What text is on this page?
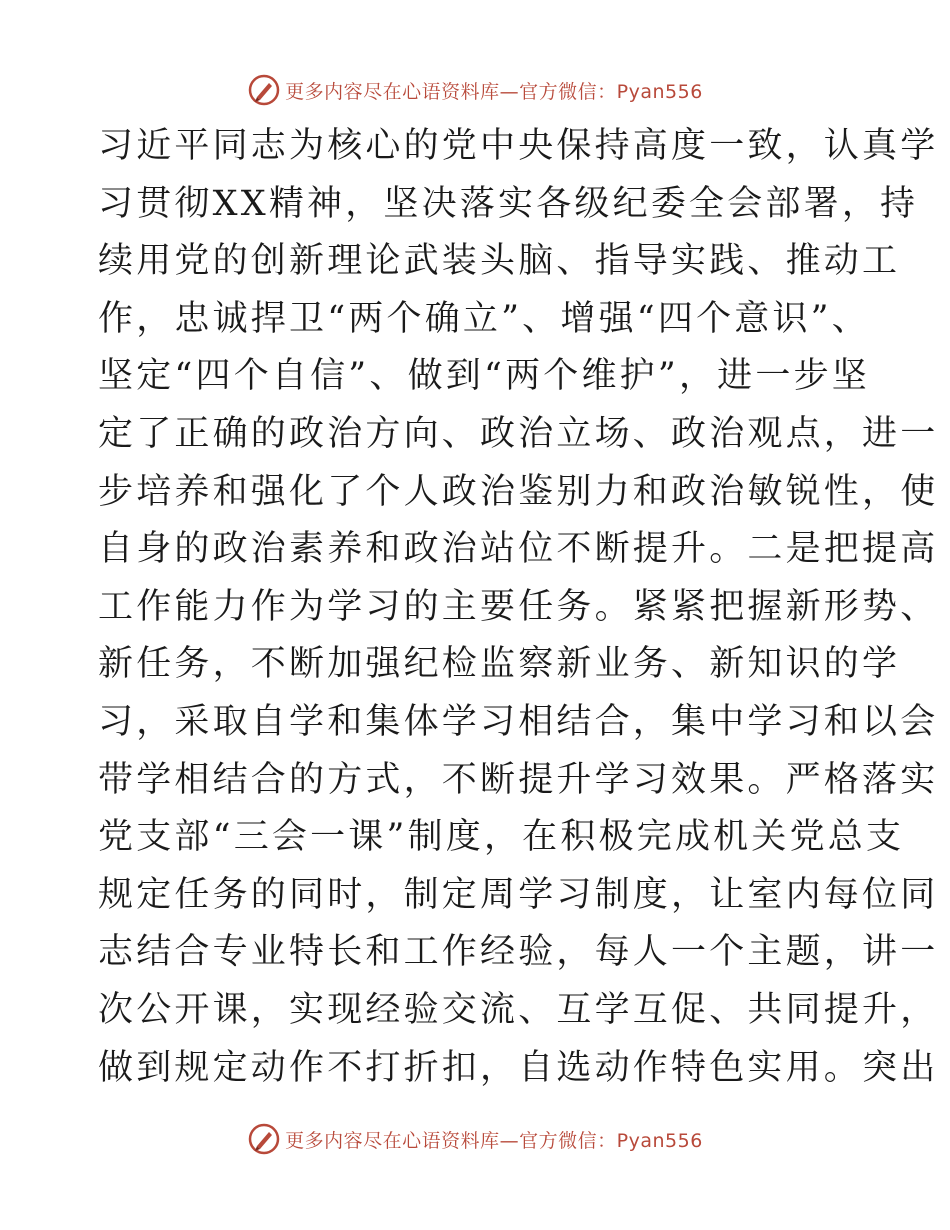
更多内容尽在心语资料库—官方微信：Pyan556
习近平同志为核心的党中央保持高度一致，认真学
习贯彻XX精神，坚决落实各级纪委全会部署，持
续用党的创新理论武装头脑、指导实践、推动工
作，忠诚捍卫“两个确立”、增强“四个意识”、
坚定“四个自信”、做到“两个维护”，进一步坚
定了正确的政治方向、政治立场、政治观点，进一
步培养和强化了个人政治鉴别力和政治敏锐性，使
自身的政治素养和政治站位不断提升。二是把提高
工作能力作为学习的主要任务。紧紧把握新形势、
新任务，不断加强纪检监察新业务、新知识的学
习，采取自学和集体学习相结合，集中学习和以会
带学相结合的方式，不断提升学习效果。严格落实
党支部“三会一课”制度，在积极完成机关党总支
规定任务的同时，制定周学习制度，让室内每位同
志结合专业特长和工作经验，每人一个主题，讲一
次公开课，实现经验交流、互学互促、共同提升，
做到规定动作不打折扣，自选动作特色实用。突出
更多内容尽在心语资料库—官方微信：Pyan556
